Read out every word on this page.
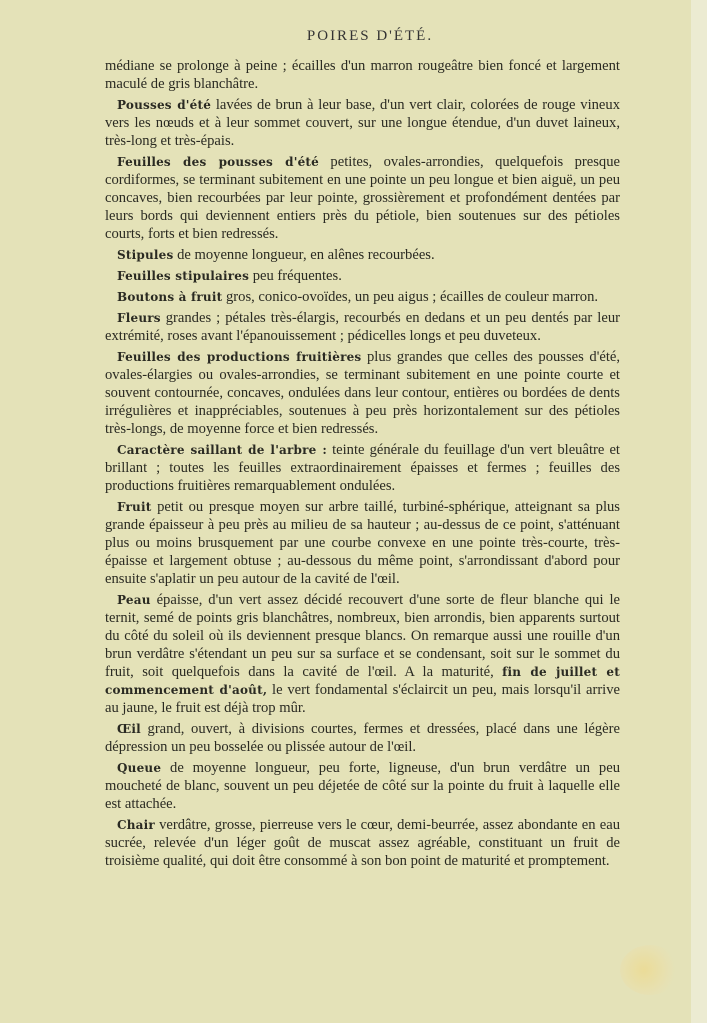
POIRES D'ÉTÉ.

médiane se prolonge à peine ; écailles d'un marron rougeâtre bien foncé et largement maculé de gris blanchâtre.

Pousses d'été lavées de brun à leur base, d'un vert clair, colorées de rouge vineux vers les nœuds et à leur sommet couvert, sur une longue étendue, d'un duvet laineux, très-long et très-épais.

Feuilles des pousses d'été petites, ovales-arrondies, quelquefois presque cordiformes, se terminant subitement en une pointe un peu longue et bien aiguë, un peu concaves, bien recourbées par leur pointe, grossièrement et profondément dentées par leurs bords qui deviennent entiers près du pétiole, bien soutenues sur des pétioles courts, forts et bien redressés.

Stipules de moyenne longueur, en alênes recourbées.

Feuilles stipulaires peu fréquentes.

Boutons à fruit gros, conico-ovoïdes, un peu aigus ; écailles de couleur marron.

Fleurs grandes ; pétales très-élargis, recourbés en dedans et un peu dentés par leur extrémité, roses avant l'épanouissement ; pédicelles longs et peu duveteux.

Feuilles des productions fruitières plus grandes que celles des pousses d'été, ovales-élargies ou ovales-arrondies, se terminant subitement en une pointe courte et souvent contournée, concaves, ondulées dans leur contour, entières ou bordées de dents irrégulières et inappréciables, soutenues à peu près horizontalement sur des pétioles très-longs, de moyenne force et bien redressés.

Caractère saillant de l'arbre : teinte générale du feuillage d'un vert bleuâtre et brillant ; toutes les feuilles extraordinairement épaisses et fermes ; feuilles des productions fruitières remarquablement ondulées.

Fruit petit ou presque moyen sur arbre taillé, turbiné-sphérique, atteignant sa plus grande épaisseur à peu près au milieu de sa hauteur ; au-dessus de ce point, s'atténuant plus ou moins brusquement par une courbe convexe en une pointe très-courte, très-épaisse et largement obtuse ; au-dessous du même point, s'arrondissant d'abord pour ensuite s'aplatir un peu autour de la cavité de l'œil.

Peau épaisse, d'un vert assez décidé recouvert d'une sorte de fleur blanche qui le ternit, semé de points gris blanchâtres, nombreux, bien arrondis, bien apparents surtout du côté du soleil où ils deviennent presque blancs. On remarque aussi une rouille d'un brun verdâtre s'étendant un peu sur sa surface et se condensant, soit sur le sommet du fruit, soit quelquefois dans la cavité de l'œil. A la maturité, fin de juillet et commencement d'août, le vert fondamental s'éclaircit un peu, mais lorsqu'il arrive au jaune, le fruit est déjà trop mûr.

Œil grand, ouvert, à divisions courtes, fermes et dressées, placé dans une légère dépression un peu bosselée ou plissée autour de l'œil.

Queue de moyenne longueur, peu forte, ligneuse, d'un brun verdâtre un peu moucheté de blanc, souvent un peu déjetée de côté sur la pointe du fruit à laquelle elle est attachée.

Chair verdâtre, grosse, pierreuse vers le cœur, demi-beurrée, assez abondante en eau sucrée, relevée d'un léger goût de muscat assez agréable, constituant un fruit de troisième qualité, qui doit être consommé à son bon point de maturité et promptement.
